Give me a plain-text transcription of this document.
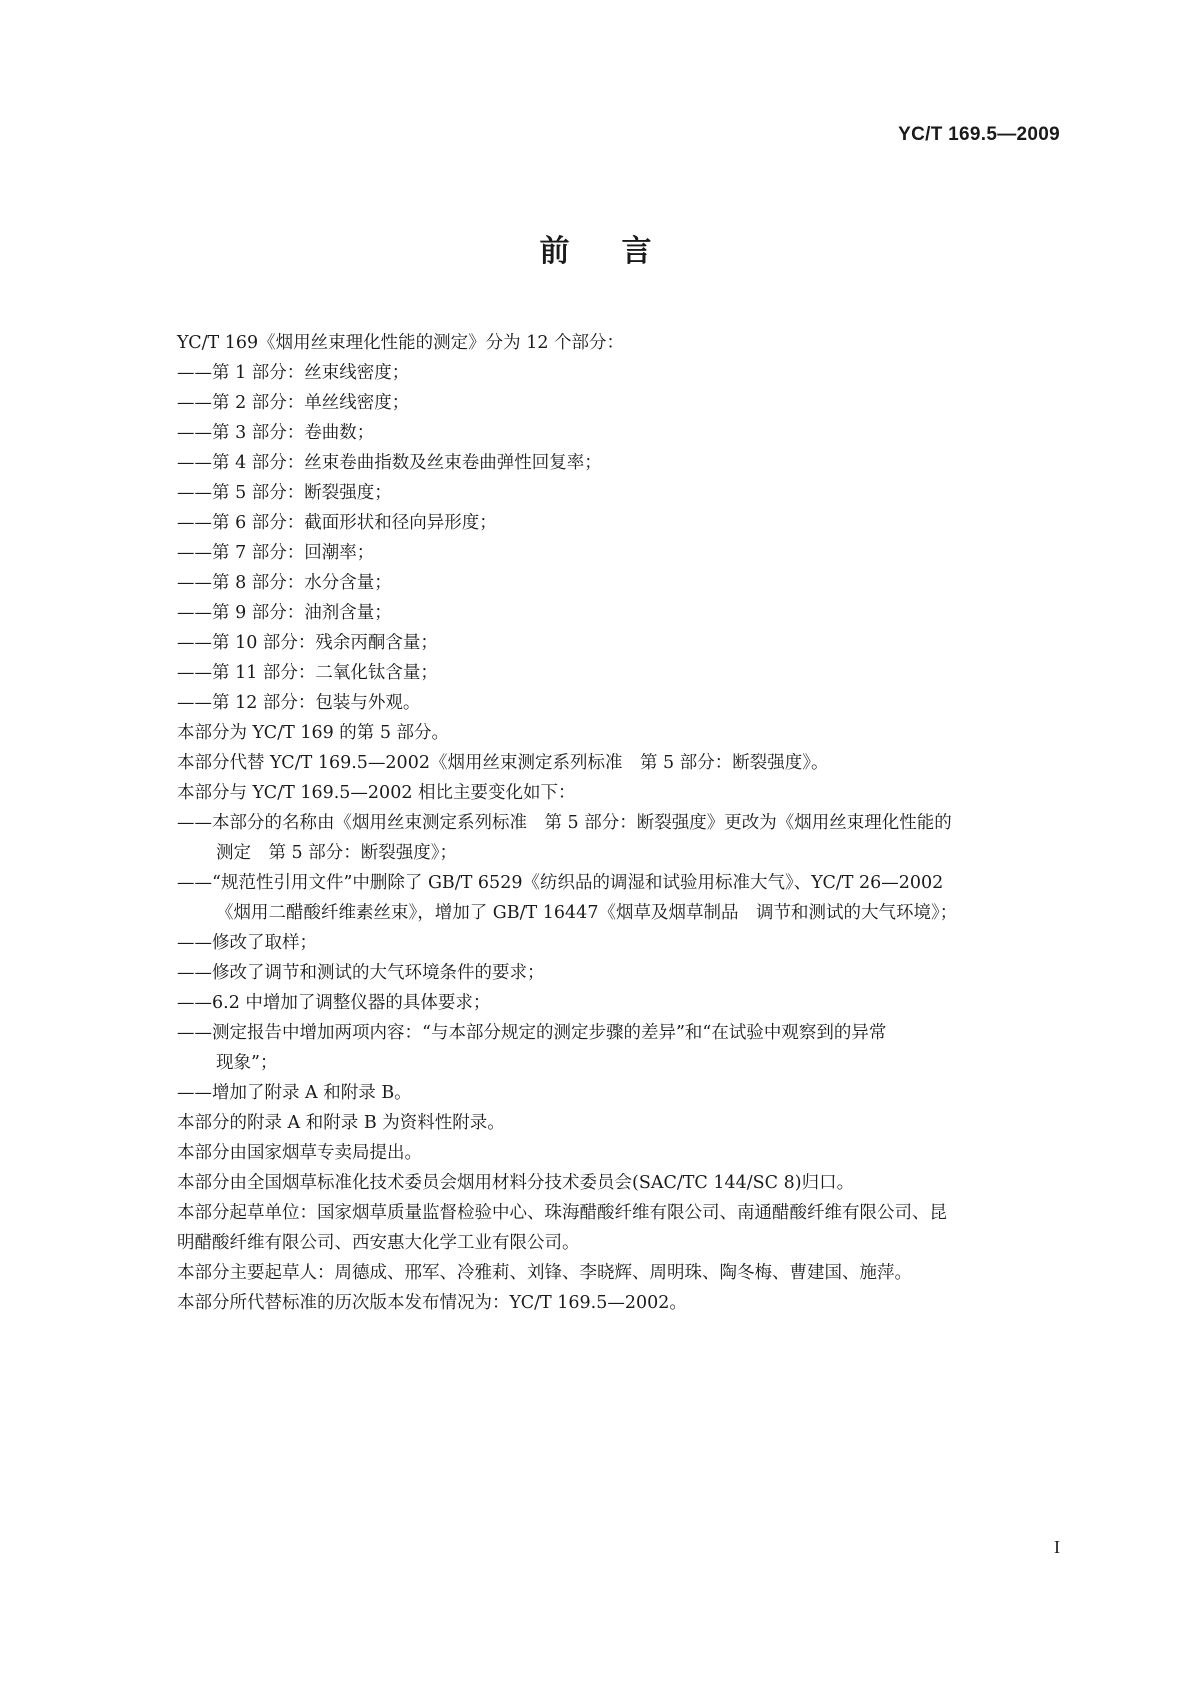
YC/T 169.5—2009
前言
YC/T 169《烟用丝束理化性能的测定》分为 12 个部分：
——第 1 部分：丝束线密度；
——第 2 部分：单丝线密度；
——第 3 部分：卷曲数；
——第 4 部分：丝束卷曲指数及丝束卷曲弹性回复率；
——第 5 部分：断裂强度；
——第 6 部分：截面形状和径向异形度；
——第 7 部分：回潮率；
——第 8 部分：水分含量；
——第 9 部分：油剂含量；
——第 10 部分：残余丙酮含量；
——第 11 部分：二氧化钛含量；
——第 12 部分：包装与外观。
本部分为 YC/T 169 的第 5 部分。
本部分代替 YC/T 169.5—2002《烟用丝束测定系列标准　第 5 部分：断裂强度》。
本部分与 YC/T 169.5—2002 相比主要变化如下：
——本部分的名称由《烟用丝束测定系列标准　第 5 部分：断裂强度》更改为《烟用丝束理化性能的
测定　第 5 部分：断裂强度》；
——“规范性引用文件”中删除了 GB/T 6529《纺织品的调湿和试验用标准大气》、YC/T 26—2002
《烟用二醋酸纤维素丝束》，增加了 GB/T 16447《烟草及烟草制品　调节和测试的大气环境》；
——修改了取样；
——修改了调节和测试的大气环境条件的要求；
——6.2 中增加了调整仪器的具体要求；
——测定报告中增加两项内容：“与本部分规定的测定步骤的差异”和“在试验中观察到的异常
现象”；
——增加了附录 A 和附录 B。
本部分的附录 A 和附录 B 为资料性附录。
本部分由国家烟草专卖局提出。
本部分由全国烟草标准化技术委员会烟用材料分技术委员会(SAC/TC 144/SC 8)归口。
本部分起草单位：国家烟草质量监督检验中心、珠海醋酸纤维有限公司、南通醋酸纤维有限公司、昆
明醋酸纤维有限公司、西安惠大化学工业有限公司。
本部分主要起草人：周德成、邢军、冷雅莉、刘锋、李晓辉、周明珠、陶冬梅、曹建国、施萍。
本部分所代替标准的历次版本发布情况为：YC/T 169.5—2002。
I
